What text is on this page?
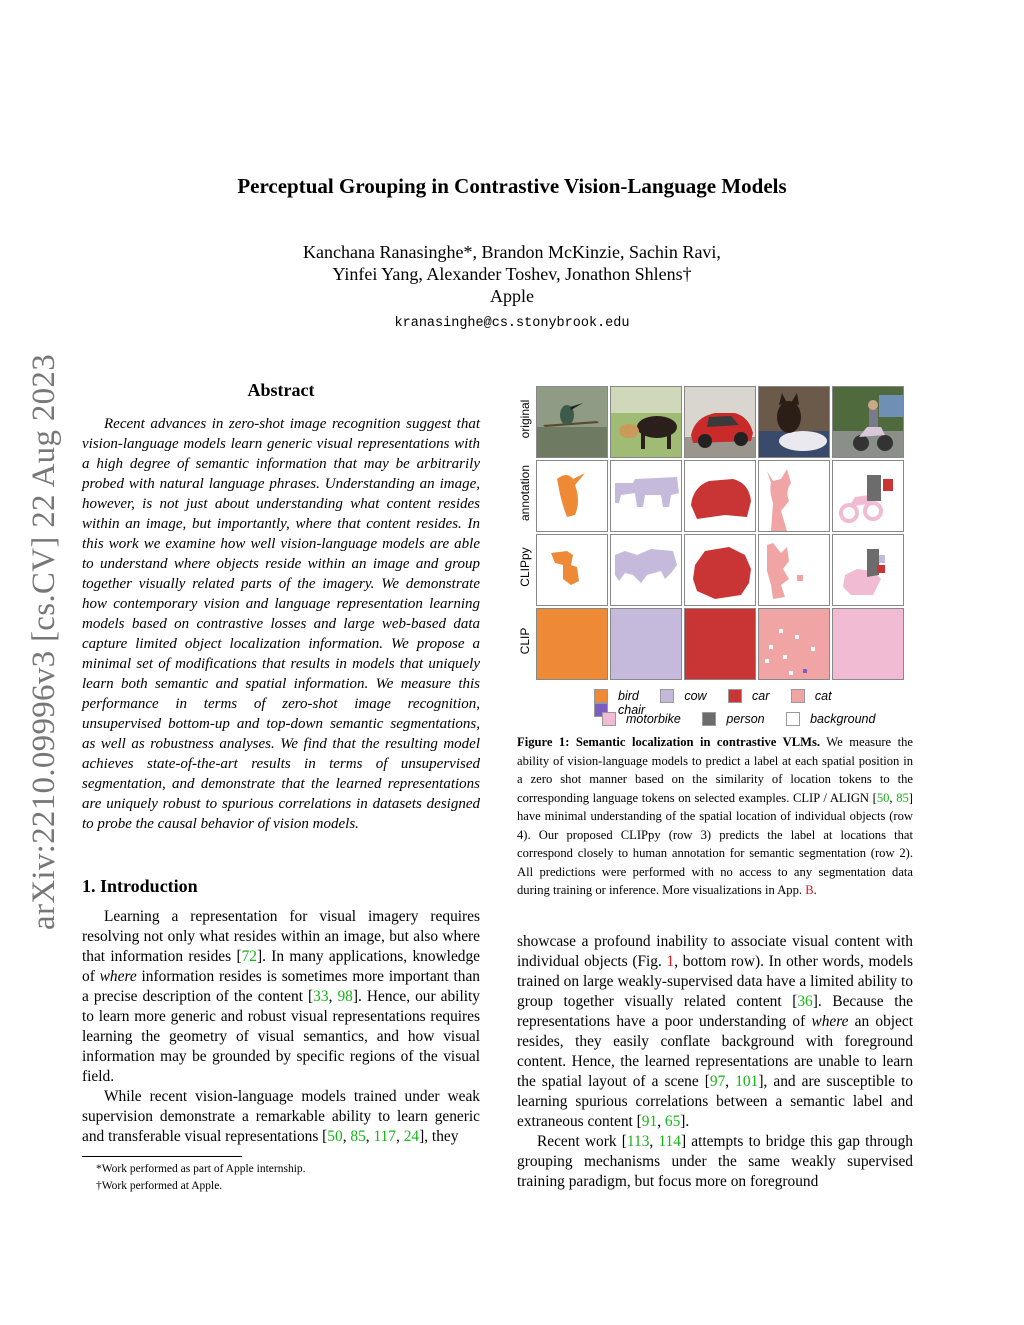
arXiv:2210.09996v3 [cs.CV] 22 Aug 2023
Perceptual Grouping in Contrastive Vision-Language Models
Kanchana Ranasinghe*, Brandon McKinzie, Sachin Ravi,
Yinfei Yang, Alexander Toshev, Jonathon Shlens†
Apple
kranasinghe@cs.stonybrook.edu
Abstract
Recent advances in zero-shot image recognition suggest that vision-language models learn generic visual representations with a high degree of semantic information that may be arbitrarily probed with natural language phrases. Understanding an image, however, is not just about understanding what content resides within an image, but importantly, where that content resides. In this work we examine how well vision-language models are able to understand where objects reside within an image and group together visually related parts of the imagery. We demonstrate how contemporary vision and language representation learning models based on contrastive losses and large web-based data capture limited object localization information. We propose a minimal set of modifications that results in models that uniquely learn both semantic and spatial information. We measure this performance in terms of zero-shot image recognition, unsupervised bottom-up and top-down semantic segmentations, as well as robustness analyses. We find that the resulting model achieves state-of-the-art results in terms of unsupervised segmentation, and demonstrate that the learned representations are uniquely robust to spurious correlations in datasets designed to probe the causal behavior of vision models.
1. Introduction

Learning a representation for visual imagery requires resolving not only what resides within an image, but also where that information resides [72]. In many applications, knowledge of where information resides is sometimes more important than a precise description of the content [33, 98]. Hence, our ability to learn more generic and robust visual representations requires learning the geometry of visual semantics, and how visual information may be grounded by specific regions of the visual field.

While recent vision-language models trained under weak supervision demonstrate a remarkable ability to learn generic and transferable visual representations [50, 85, 117, 24], they

*Work performed as part of Apple internship.
†Work performed at Apple.
original
annotation
CLIPpy
CLIP
bird	cow	car	cat chair
motorbike	person	background
Figure 1: Semantic localization in contrastive VLMs. We measure the ability of vision-language models to predict a label at each spatial position in a zero shot manner based on the similarity of location tokens to the corresponding language tokens on selected examples. CLIP / ALIGN [50, 85] have minimal understanding of the spatial location of individual objects (row 4). Our proposed CLIPpy (row 3) predicts the label at locations that correspond closely to human annotation for semantic segmentation (row 2). All predictions were performed with no access to any segmentation data during training or inference. More visualizations in App. B.

showcase a profound inability to associate visual content with individual objects (Fig. 1, bottom row). In other words, models trained on large weakly-supervised data have a limited ability to group together visually related content [36]. Because the representations have a poor understanding of where an object resides, they easily conflate background with foreground content. Hence, the learned representations are unable to learn the spatial layout of a scene [97, 101], and are susceptible to learning spurious correlations between a semantic label and extraneous content [91, 65].

Recent work [113, 114] attempts to bridge this gap through grouping mechanisms under the same weakly supervised training paradigm, but focus more on foreground
